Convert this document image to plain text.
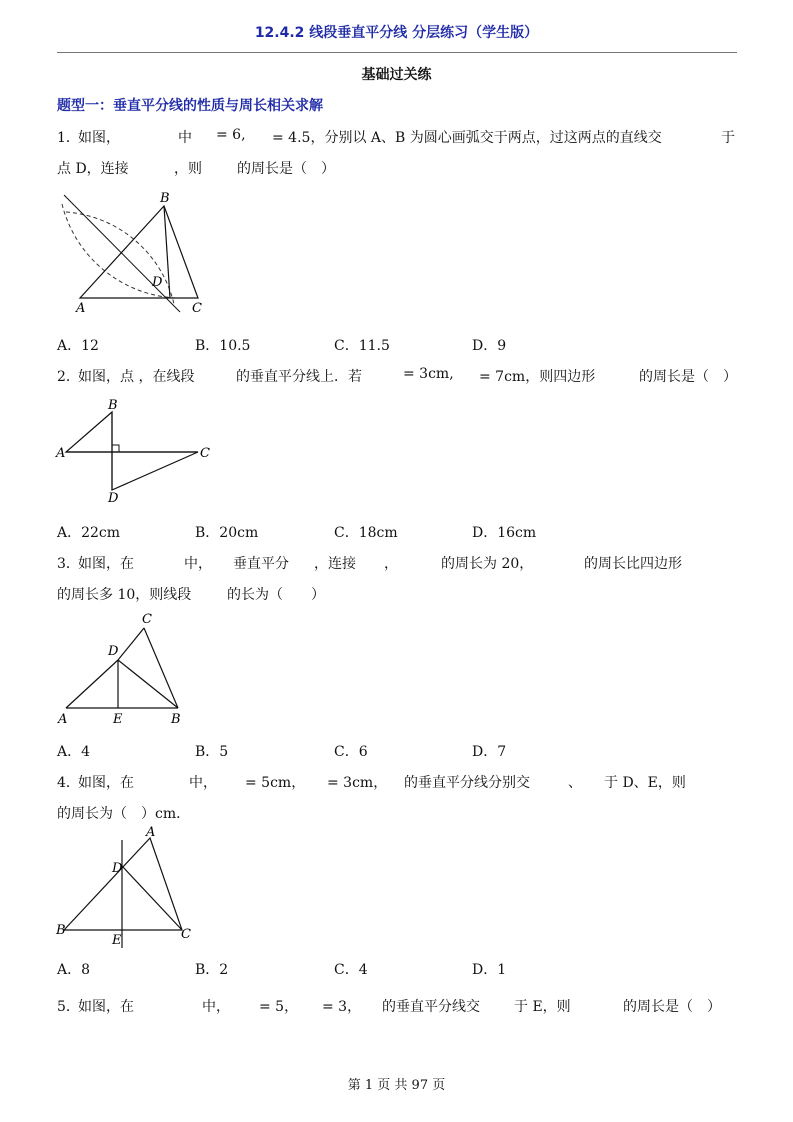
12.4.2 线段垂直平分线 分层练习（学生版）
基础过关练
题型一：垂直平分线的性质与周长相关求解
1．
如图，	中 = 6, = 4.5，分别以 A、B 为圆心画弧交于两点，过这两点的直线交	于
点 D，连接	，则	的周长是（　）
B
D
A	C
A．12	B．10.5	C．11.5	D．9
2．
如图，点 ，在线段	的垂直平分线上．若	= 3cm, = 7cm，则四边形	的周长是（　）
B
A	C
D
A．22cm	B．20cm	C．18cm	D．16cm
3．
如图，在	中， 垂直平分 ，连接 ，	的周长为 20，	的周长比四边形
的周长多 10，则线段	的长为（　　）
C
D
A	E	B
A．4	B．5	C．6	D．7
4．
如图，在	中， = 5cm， = 3cm， 的垂直平分线分别交	、 于 D、E，则
的周长为（　）cm．
A
D
B
E	C
A．8	B．2	C．4	D．1
5．
如图，在	中， = 5， = 3， 的垂直平分线交 于 E，则	的周长是（　）
第 1 页 共 97 页
